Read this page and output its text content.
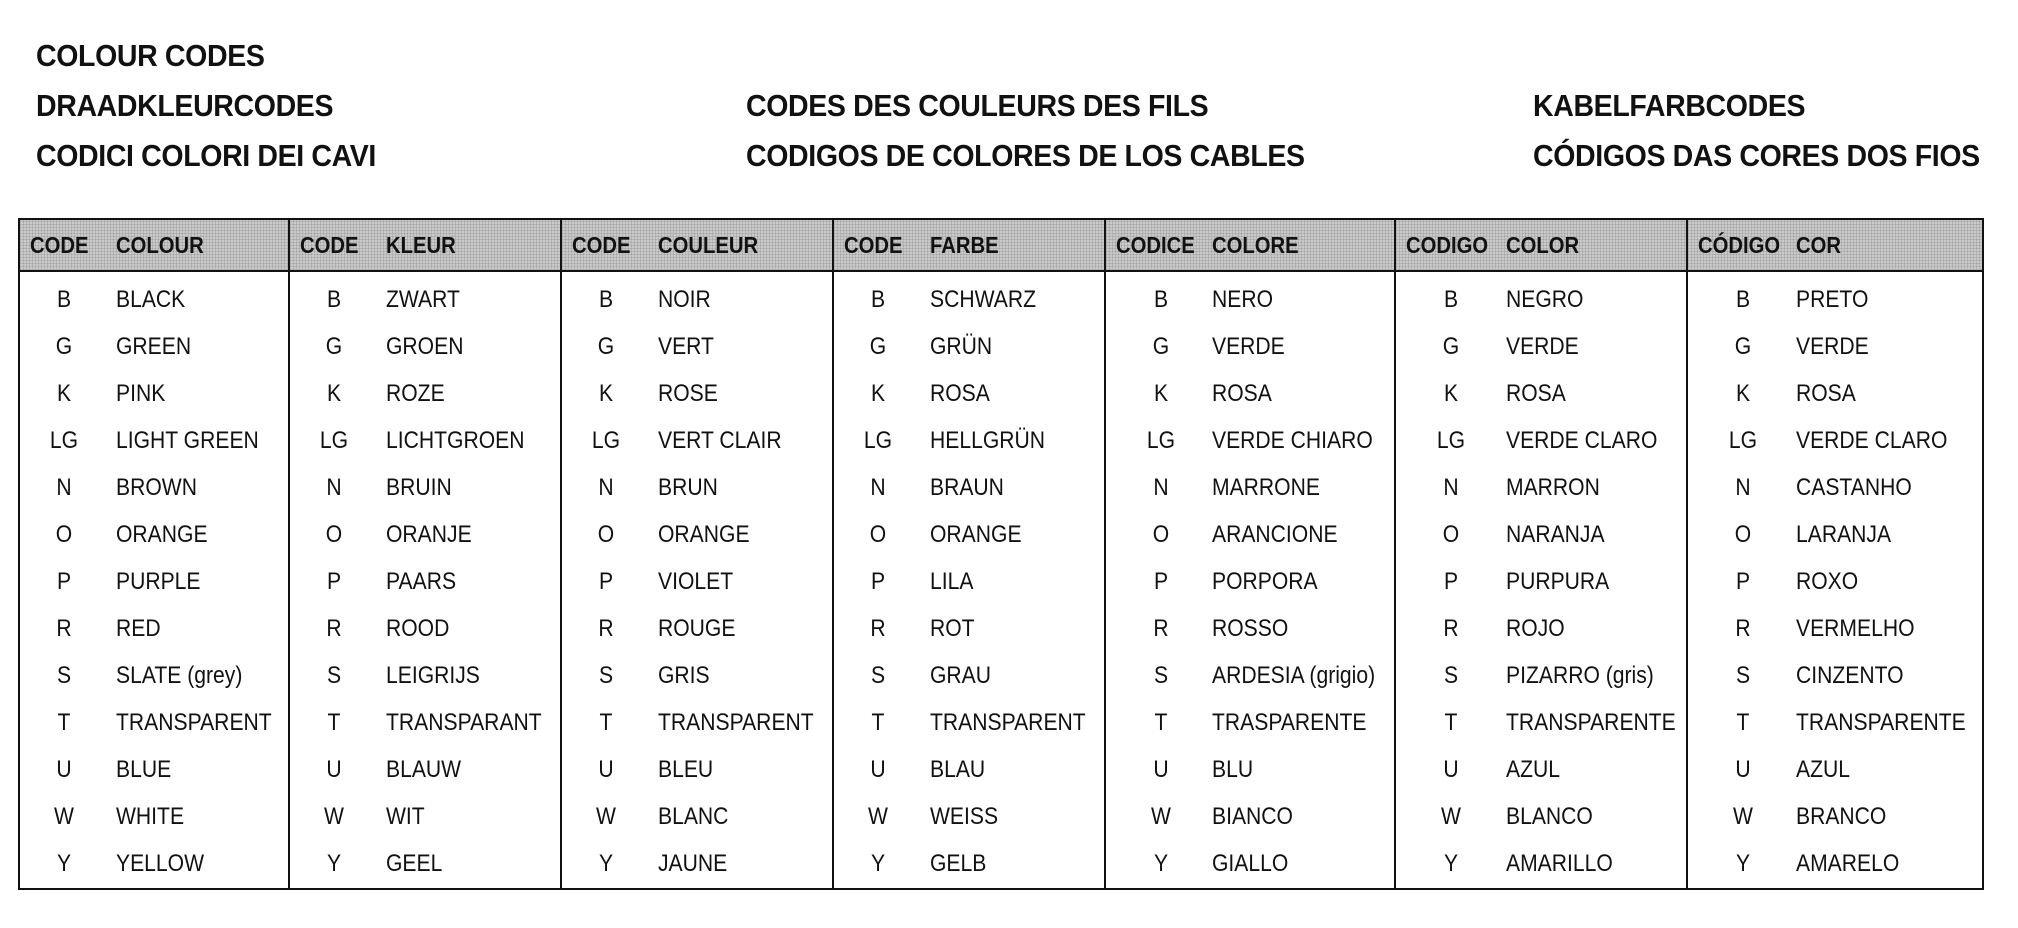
COLOUR CODES
DRAADKLEURCODES
CODICI COLORI DEI CAVI
CODES DES COULEURS DES FILS
CODIGOS DE COLORES DE LOS CABLES
KABELFARBCODES
CÓDIGOS DAS CORES DOS FIOS
CODE COLOUR
B	BLACK
G	GREEN
K	PINK
LG	LIGHT GREEN
N	BROWN
O	ORANGE
P	PURPLE
R	RED
S	SLATE (grey)
T	TRANSPARENT
U	BLUE
W	WHITE
Y	YELLOW
CODE KLEUR
B	ZWART
G	GROEN
K	ROZE
LG	LICHTGROEN
N	BRUIN
O	ORANJE
P	PAARS
R	ROOD
S	LEIGRIJS
T	TRANSPARANT
U	BLAUW
W	WIT
Y	GEEL
CODE COULEUR
B	NOIR
G	VERT
K	ROSE
LG	VERT CLAIR
N	BRUN
O	ORANGE
P	VIOLET
R	ROUGE
S	GRIS
T	TRANSPARENT
U	BLEU
W	BLANC
Y	JAUNE
CODE FARBE
B	SCHWARZ
G	GRÜN
K	ROSA
LG	HELLGRÜN
N	BRAUN
O	ORANGE
P	LILA
R	ROT
S	GRAU
T	TRANSPARENT
U	BLAU
W	WEISS
Y	GELB
CODICE COLORE
B	NERO
G	VERDE
K	ROSA
LG	VERDE CHIARO
N	MARRONE
O	ARANCIONE
P	PORPORA
R	ROSSO
S	ARDESIA (grigio)
T	TRASPARENTE
U	BLU
W	BIANCO
Y	GIALLO
CODIGO COLOR
B	NEGRO
G	VERDE
K	ROSA
LG	VERDE CLARO
N	MARRON
O	NARANJA
P	PURPURA
R	ROJO
S	PIZARRO (gris)
T	TRANSPARENTE
U	AZUL
W	BLANCO
Y	AMARILLO
CÓDIGO COR
B	PRETO
G	VERDE
K	ROSA
LG	VERDE CLARO
N	CASTANHO
O	LARANJA
P	ROXO
R	VERMELHO
S	CINZENTO
T	TRANSPARENTE
U	AZUL
W	BRANCO
Y	AMARELO
